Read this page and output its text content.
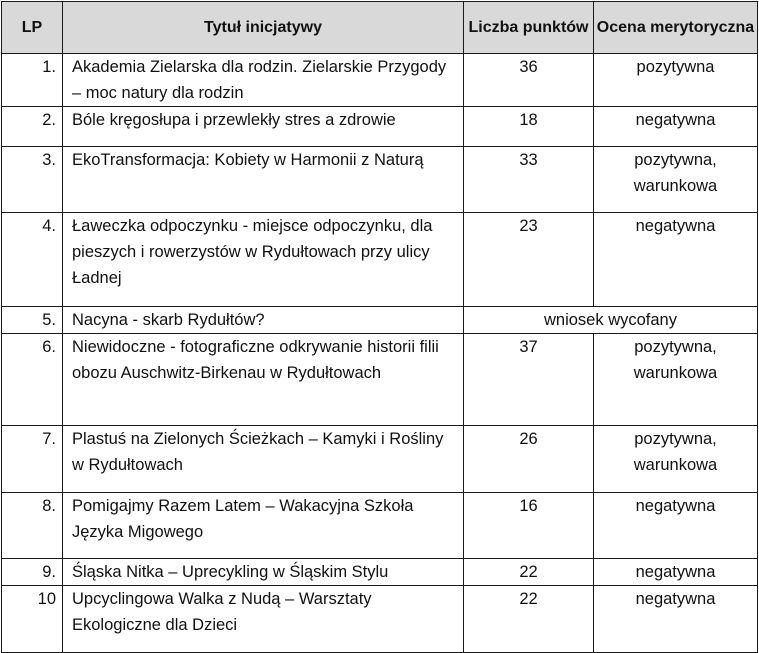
LP	Tytuł inicjatywy	Liczba punktów	Ocena merytoryczna
1.	Akademia Zielarska dla rodzin. Zielarskie Przygody – moc natury dla rodzin	36	pozytywna
2.	Bóle kręgosłupa i przewlekły stres a zdrowie	18	negatywna
3.	EkoTransformacja: Kobiety w Harmonii z Naturą	33	pozytywna, warunkowa
4.	Ławeczka odpoczynku - miejsce odpoczynku, dla pieszych i rowerzystów w Rydułtowach przy ulicy Ładnej	23	negatywna
5.	Nacyna - skarb Rydułtów?	wniosek wycofany	
6.	Niewidoczne - fotograficzne odkrywanie historii filii obozu Auschwitz-Birkenau w Rydułtowach	37	pozytywna, warunkowa
7.	Plastuś na Zielonych Ścieżkach – Kamyki i Rośliny w Rydułtowach	26	pozytywna, warunkowa
8.	Pomigajmy Razem Latem – Wakacyjna Szkoła Języka Migowego	16	negatywna
9.	Śląska Nitka – Uprecykling w Śląskim Stylu	22	negatywna
10	Upcyclingowa Walka z Nudą – Warsztaty Ekologiczne dla Dzieci	22	negatywna
